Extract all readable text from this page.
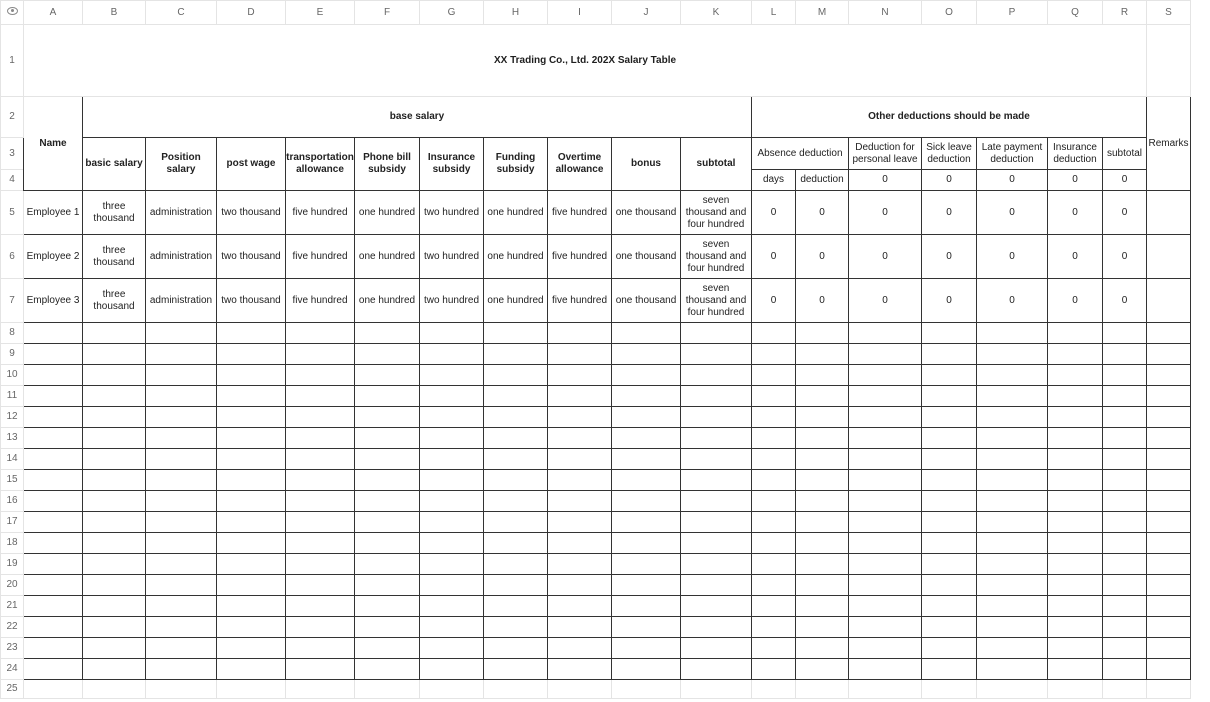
	A	B	C	D	E	F	G	H	I	J	K	L	M	N	O	P	Q	R	S
1	XX Trading Co., Ltd. 202X Salary Table																		
2	Name	base salary										Other deductions should be made							Remarks
3		basic salary	Position salary	post wage	transportation allowance	Phone bill subsidy	Insurance subsidy	Funding subsidy	Overtime allowance	bonus	subtotal	Absence deduction		Deduction for personal leave	Sick leave deduction	Late payment deduction	Insurance deduction	subtotal	
4												days	deduction	0	0	0	0	0	
5	Employee 1	three thousand	administration	two thousand	five hundred	one hundred	two hundred	one hundred	five hundred	one thousand	seven thousand and four hundred	0	0	0	0	0	0	0	
6	Employee 2	three thousand	administration	two thousand	five hundred	one hundred	two hundred	one hundred	five hundred	one thousand	seven thousand and four hundred	0	0	0	0	0	0	0	
7	Employee 3	three thousand	administration	two thousand	five hundred	one hundred	two hundred	one hundred	five hundred	one thousand	seven thousand and four hundred	0	0	0	0	0	0	0	
8																			
9																			
10																			
11																			
12																			
13																			
14																			
15																			
16																			
17																			
18																			
19																			
20																			
21																			
22																			
23																			
24																			
25																			
